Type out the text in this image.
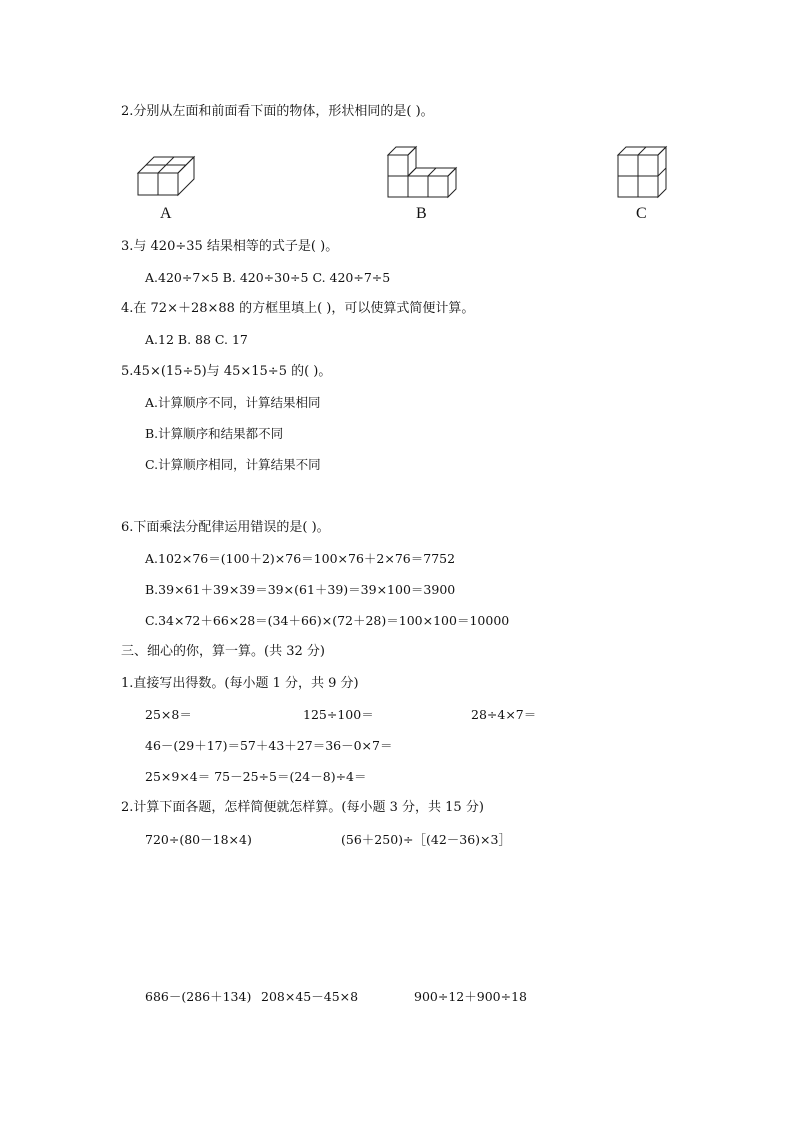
2.分别从左面和前面看下面的物体，形状相同的是( )。
A	B	C
3.与 420÷35 结果相等的式子是( )。
A.420÷7×5 B. 420÷30÷5 C. 420÷7÷5
4.在 72×＋28×88 的方框里填上( )，可以使算式简便计算。
A.12 B. 88 C. 17
5.45×(15÷5)与 45×15÷5 的( )。
A.计算顺序不同，计算结果相同
B.计算顺序和结果都不同
C.计算顺序相同，计算结果不同
6.下面乘法分配律运用错误的是( )。
A.102×76＝(100＋2)×76＝100×76＋2×76＝7752
B.39×61＋39×39＝39×(61＋39)＝39×100＝3900
C.34×72＋66×28＝(34＋66)×(72＋28)＝100×100＝10000
三、细心的你，算一算。(共 32 分)
1.直接写出得数。(每小题 1 分，共 9 分)
25×8＝	125÷100＝	28÷4×7＝
46－(29＋17)＝57＋43＋27＝36－0×7＝
25×9×4＝ 75－25÷5＝(24－8)÷4＝
2.计算下面各题，怎样简便就怎样算。(每小题 3 分，共 15 分)
720÷(80－18×4)	(56＋250)÷［(42－36)×3］
686－(286＋134) 208×45－45×8	900÷12＋900÷18
